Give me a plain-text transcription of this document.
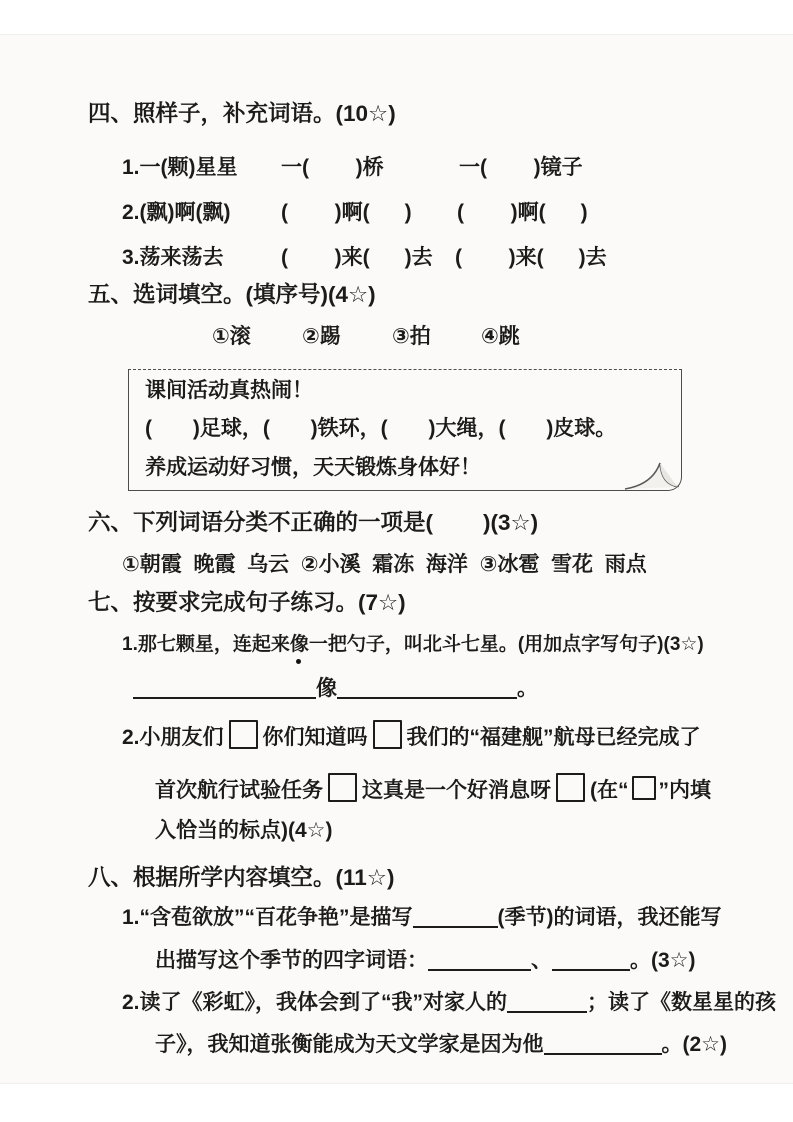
四、照样子，补充词语。(10☆)
1.一(颗)星星 一(        )桥	一(        )镜子
2.(飘)啊(飘) (        )啊(      ) (        )啊(      )
3.荡来荡去	(        )来(      )去 (        )来(      )去
五、选词填空。(填序号)(4☆)
①滚 ②踢 ③拍 ④跳
课间活动真热闹！
(       )足球，(       )铁环，(       )大绳，(       )皮球。
养成运动好习惯，天天锻炼身体好！
六、下列词语分类不正确的一项是(        )(3☆)
①朝霞  晚霞  乌云  ②小溪  霜冻  海洋  ③冰雹  雪花  雨点
七、按要求完成句子练习。(7☆)
1.那七颗星，连起来像一把勺子，叫北斗七星。(用加点字写句子)(3☆)
像	。
2.小朋友们 你们知道吗 我们的“福建舰”航母已经完成了
首次航行试验任务 这真是一个好消息呀 (在“ ”内填
入恰当的标点)(4☆)
八、根据所学内容填空。(11☆)
1.“含苞欲放”“百花争艳”是描写	(季节)的词语，我还能写
出描写这个季节的四字词语：	、	。(3☆)
2.读了《彩虹》，我体会到了“我”对家人的	；读了《数星星的孩
子》，我知道张衡能成为天文学家是因为他	。(2☆)
